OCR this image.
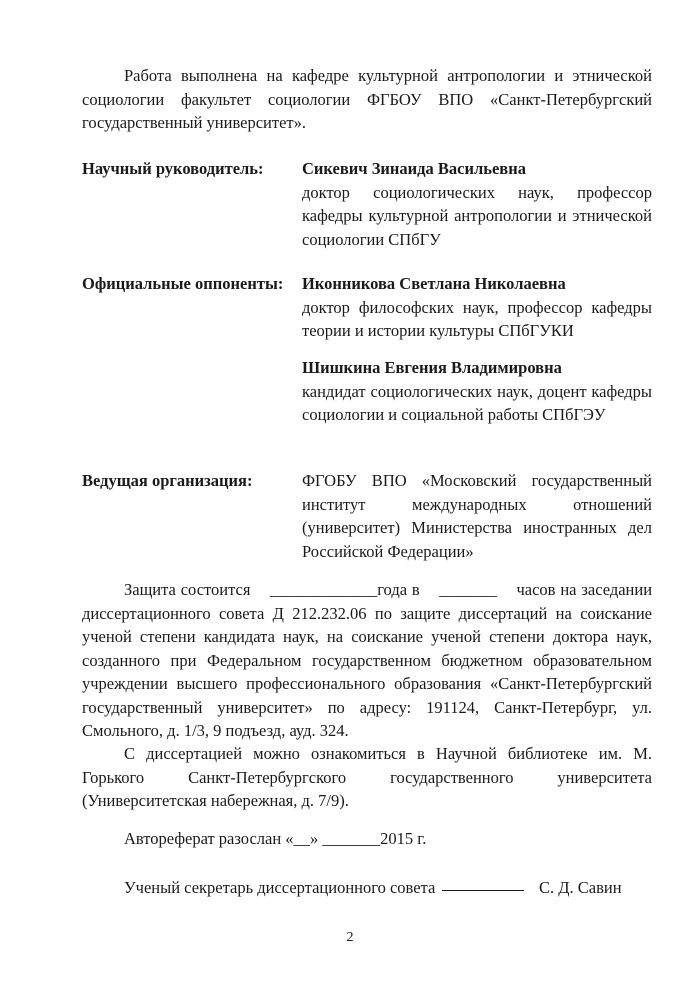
Работа выполнена на кафедре культурной антропологии и этнической социологии факультет социологии ФГБОУ ВПО «Санкт-Петербургский государственный университет».

Научный руководитель: Сикевич Зинаида Васильевна
доктор социологических наук, профессор кафедры культурной антропологии и этнической социологии СПбГУ
Официальные оппоненты: Иконникова Светлана Николаевна
доктор философских наук, профессор кафедры теории и истории культуры СПбГУКИ
Шишкина Евгения Владимировна
кандидат социологических наук, доцент кафедры социологии и социальной работы СПбГЭУ
Ведущая организация:	ФГОБУ ВПО «Московский государственный институт международных отношений (университет) Министерства иностранных дел Российской Федерации»

Защита состоится _____________года в _______ часов на заседании диссертационного совета Д 212.232.06 по защите диссертаций на соискание ученой степени кандидата наук, на соискание ученой степени доктора наук, созданного при Федеральном государственном бюджетном образовательном учреждении высшего профессионального образования «Санкт-Петербургский государственный университет» по адресу: 191124, Санкт-Петербург, ул. Смольного, д. 1/3, 9 подъезд, ауд. 324.

С диссертацией можно ознакомиться в Научной библиотеке им. М. Горького Санкт-Петербургского государственного университета (Университетская набережная, д. 7/9).

Автореферат разослан «__» _______2015 г.

Ученый секретарь диссертационного совета	С. Д. Савин
2
